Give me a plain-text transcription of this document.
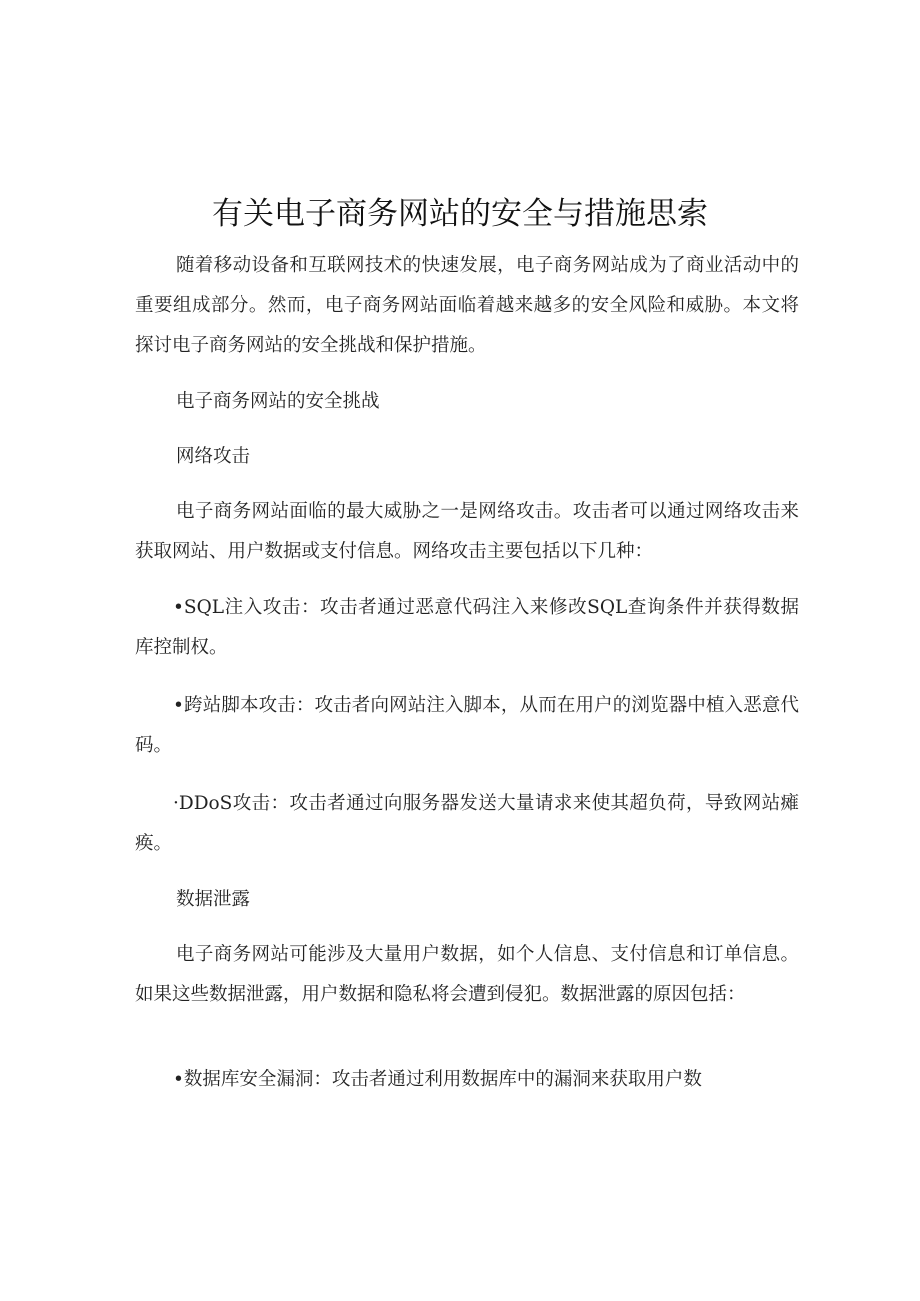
有关电子商务网站的安全与措施思索

随着移动设备和互联网技术的快速发展，电子商务网站成为了商业活动中的重要组成部分。然而，电子商务网站面临着越来越多的安全风险和威胁。本文将探讨电子商务网站的安全挑战和保护措施。

电子商务网站的安全挑战

网络攻击

电子商务网站面临的最大威胁之一是网络攻击。攻击者可以通过网络攻击来获取网站、用户数据或支付信息。网络攻击主要包括以下几种：

•SQL注入攻击：攻击者通过恶意代码注入来修改SQL查询条件并获得数据库控制权。

•跨站脚本攻击：攻击者向网站注入脚本，从而在用户的浏览器中植入恶意代码。

·DDoS攻击：攻击者通过向服务器发送大量请求来使其超负荷，导致网站瘫痪。

数据泄露

电子商务网站可能涉及大量用户数据，如个人信息、支付信息和订单信息。如果这些数据泄露，用户数据和隐私将会遭到侵犯。数据泄露的原因包括：

•数据库安全漏洞：攻击者通过利用数据库中的漏洞来获取用户数
